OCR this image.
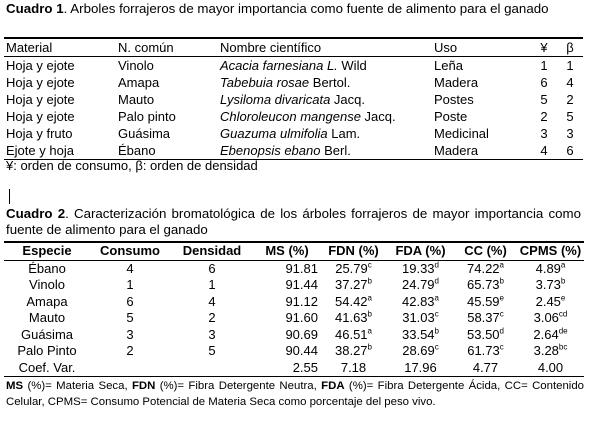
Cuadro 1. Arboles forrajeros de mayor importancia como fuente de alimento para el ganado
Material	N. común	Nombre científico	Uso	¥	β
Hoja y ejote	Vinolo	Acacia farnesiana L. Wild	Leña	1	1
Hoja y ejote	Amapa	Tabebuia rosae Bertol.	Madera	6	4
Hoja y ejote	Mauto	Lysiloma divaricata Jacq.	Postes	5	2
Hoja y ejote	Palo pinto	Chloroleucon mangense Jacq.	Poste	2	5
Hoja y fruto	Guásima	Guazuma ulmifolia Lam.	Medicinal	3	3
Ejote y hoja	Ébano	Ebenopsis ebano Berl.	Madera	4	6
¥: orden de consumo, β: orden de densidad
Cuadro 2. Caracterización bromatológica de los árboles forrajeros de mayor importancia como fuente de alimento para el ganado
Especie	Consumo	Densidad	MS (%)	FDN (%)	FDA (%)	CC (%)	CPMS (%)
Ébano	4	6	91.81	25.79$^c$	19.33$^d$	74.22$^a$	4.89$^a$
Vinolo	1	1	91.44	37.27$^b$	24.79$^d$	65.73$^b$	3.73$^b$
Amapa	6	4	91.12	54.42$^a$	42.83$^a$	45.59e	2.45e
Mauto	5	2	91.60	41.63$^b$	31.03$^c$	58.37$^c$	3.06$^{cd}$
Guásima	3	3	90.69	46.51$^a$	33.54$^b$	53.50$^d$	2.64de
Palo Pinto	2	5	90.44	38.27$^b$	28.69$^c$	61.73$^c$	3.28$^{bc}$
Coef. Var.			2.55	7.18	17.96	4.77	4.00
MS (%)= Materia Seca, FDN (%)= Fibra Detergente Neutra, FDA (%)= Fibra Detergente Ácida, CC= Contenido Celular, CPMS= Consumo Potencial de Materia Seca como porcentaje del peso vivo.
